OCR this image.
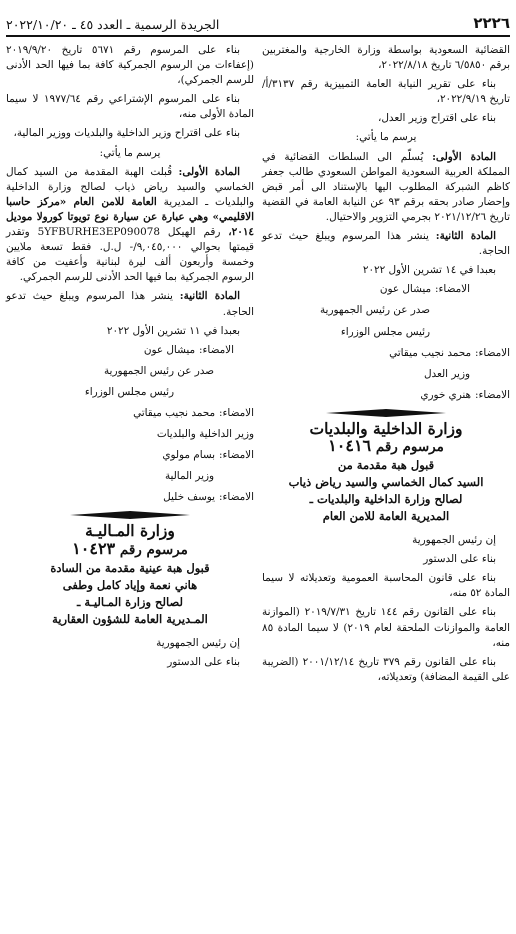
٢٢٢٦
الجريدة الرسمية ـ العدد ٤٥ ـ ٢٠٢٢/١٠/٢٠

القضائية السعودية بواسطة وزارة الخارجية والمغتربين برقم ٦/٥٨٥٠ تاريخ ٢٠٢٢/٨/١٨،

بناء على تقرير النيابة العامة التمييزية رقم ٣١٣٧/أ/ تاريخ ٢٠٢٢/٩/١٩،

بناء على اقتراح وزير العدل،

يرسم ما يأتي:

المادة الأولى: يُسلّم الى السلطات القضائية في المملكة العربية السعودية المواطن السعودي طالب جعفر كاظم الشبركة المطلوب اليها بالإستناد الى أمر قبض وإحضار صادر بحقه برقم ٩٣ عن النيابة العامة في القضية تاريخ ٢٠٢١/١٢/٢٦ بجرمي التزوير والاحتيال.

المادة الثانية: ينشر هذا المرسوم ويبلغ حيث تدعو الحاجة.

بعبدا في ١٤ تشرين الأول ٢٠٢٢

الامضاء:
ميشال عون
صدر عن رئيس الجمهورية
رئيس مجلس الوزراء
الامضاء:
محمد نجيب ميقاتي
وزير العدل
الامضاء:
هنري خوري
وزارة الداخلية والبلديات
مرسوم رقم ١٠٤١٦
قبول هبة مقدمة من
السيد كمال الخماسي والسيد رياض ذياب
لصالح وزارة الداخلية والبلديات ـ
المديرية العامة للامن العام

إن رئيس الجمهورية

بناء على الدستور

بناء على قانون المحاسبة العمومية وتعديلاته لا سيما المادة ٥٢ منه،

بناء على القانون رقم ١٤٤ تاريخ ٢٠١٩/٧/٣١ (الموازنة العامة والموازنات الملحقة لعام ٢٠١٩) لا سيما المادة ٨٥ منه،

بناء على القانون رقم ٣٧٩ تاريخ ٢٠٠١/١٢/١٤ (الضريبة على القيمة المضافة) وتعديلاته،

بناء على المرسوم رقم ٥٦٧١ تاريخ ٢٠١٩/٩/٢٠ (إعفاءات من الرسوم الجمركية كافة بما فيها الحد الأدنى للرسم الجمركي)،

بناء على المرسوم الإشتراعي رقم ١٩٧٧/٦٤ لا سيما المادة الأولى منه،

بناء على اقتراح وزير الداخلية والبلديات ووزير المالية،

يرسم ما يأتي:

المادة الأولى: قُبلت الهبة المقدمة من السيد كمال الخماسي والسيد رياض ذياب لصالح وزارة الداخلية والبلديات ـ المديرية العامة للامن العام «مركز حاسبا الاقليمي» وهي عبارة عن سيارة نوع تويوتا كورولا موديل ٢٠١٤، رقم الهيكل 5YFBURHE3EP090078 وتقدر قيمتها بحوالي ٩,٠٤٥,٠٠٠/- ل.ل. فقط تسعة ملايين وخمسة وأربعون ألف ليرة لبنانية وأعفيت من كافة الرسوم الجمركية بما فيها الحد الأدنى للرسم الجمركي.

المادة الثانية: ينشر هذا المرسوم ويبلغ حيث تدعو الحاجة.

بعبدا في ١١ تشرين الأول ٢٠٢٢

الامضاء:
ميشال عون
صدر عن رئيس الجمهورية
رئيس مجلس الوزراء
الامضاء:
محمد نجيب ميقاتي
وزير الداخلية والبلديات
الامضاء:
بسام مولوي
وزير المالية
الامضاء:
يوسف خليل
وزارة المـاليـة
مرسوم رقم ١٠٤٢٣
قبول هبة عينية مقدمة من السادة
هاني نعمة وإياد كامل وطفى
لصالح وزارة المـاليـة ـ
المـديرية العامة للشؤون العقارية

إن رئيس الجمهورية

بناء على الدستور
